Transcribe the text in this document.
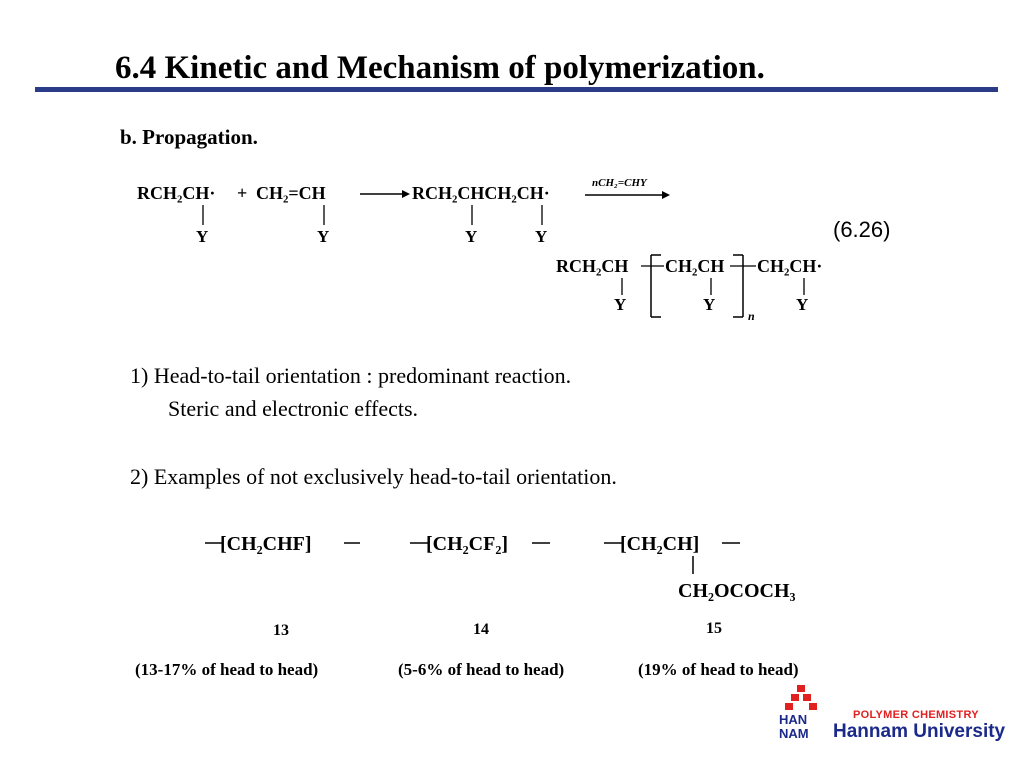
6.4 Kinetic and Mechanism of polymerization.
b. Propagation.
RCH₂CH·
Y
+ CH₂=CH
Y
RCH₂CHCH₂CH·
Y	Y
nCH₂=CHY
RCH₂CH CH₂CH
n
CH₂CH·
Y	Y	Y
(6.26)
1) Head-to-tail orientation : predominant reaction.
Steric and electronic effects.
2) Examples of not exclusively head-to-tail orientation.
[CH₂CHF]	[CH₂CF₂]	[CH₂CH]
CH₂OCOCH₃
13	14	15
(13-17% of head to head)	(5-6% of head to head)	(19% of head to head)
HAN
NAM
POLYMER CHEMISTRY
Hannam University
